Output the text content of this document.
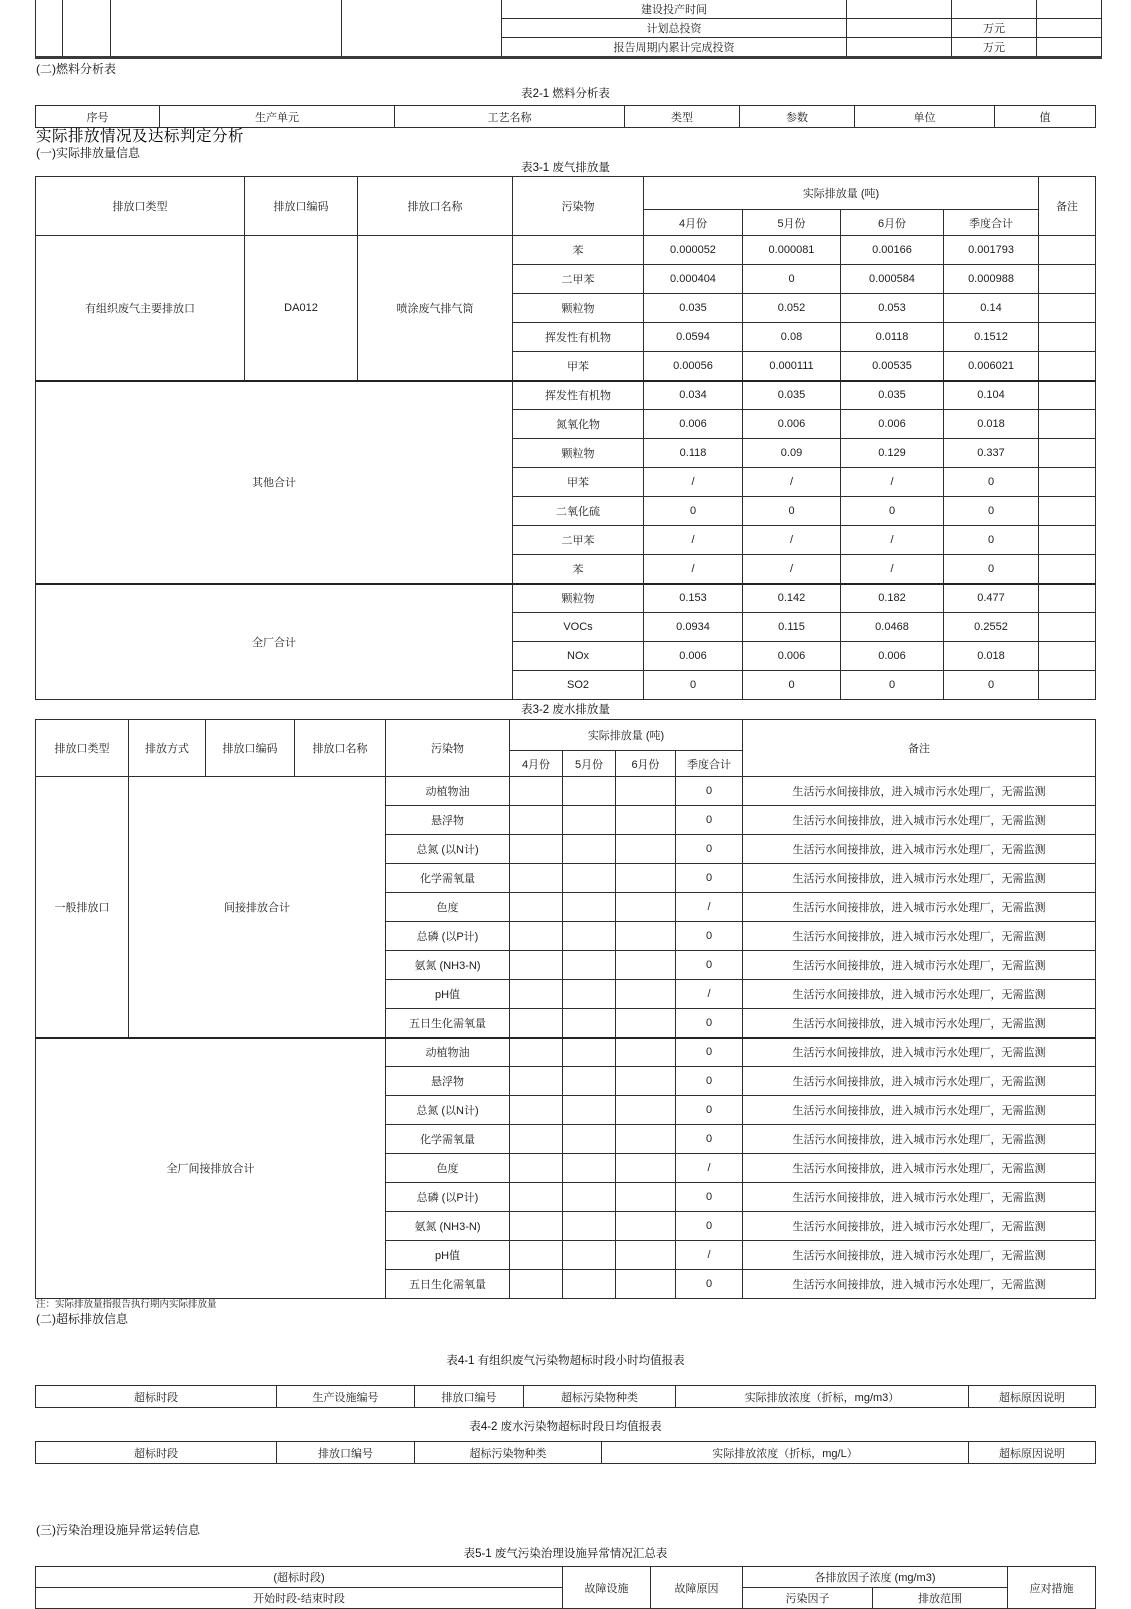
				建设投产时间			
				计划总投资		万元	
				报告周期内累计完成投资		万元	
(二)燃料分析表
表2-1 燃料分析表
序号	生产单元	工艺名称	类型	参数	单位	值
实际排放情况及达标判定分析
(一)实际排放量信息
表3-1 废气排放量
排放口类型	排放口编码	排放口名称	污染物	实际排放量 (吨)				备注
				4月份	5月份	6月份	季度合计	
有组织废气主要排放口	DA012	喷涂废气排气筒	苯	0.000052	0.000081	0.00166	0.001793	
			二甲苯	0.000404	0	0.000584	0.000988	
			颗粒物	0.035	0.052	0.053	0.14	
			挥发性有机物	0.0594	0.08	0.0118	0.1512	
			甲苯	0.00056	0.000111	0.00535	0.006021	
其他合计			挥发性有机物	0.034	0.035	0.035	0.104	
			氮氧化物	0.006	0.006	0.006	0.018	
			颗粒物	0.118	0.09	0.129	0.337	
			甲苯	/	/	/	0	
			二氧化硫	0	0	0	0	
			二甲苯	/	/	/	0	
			苯	/	/	/	0	
全厂合计			颗粒物	0.153	0.142	0.182	0.477	
			VOCs	0.0934	0.115	0.0468	0.2552	
			NOx	0.006	0.006	0.006	0.018	
			SO2	0	0	0	0	
表3-2 废水排放量
排放口类型	排放方式	排放口编码	排放口名称	污染物	实际排放量 (吨)				备注
					4月份	5月份	6月份	季度合计	
一般排放口	间接排放合计			动植物油				0	生活污水间接排放，进入城市污水处理厂，无需监测
				悬浮物				0	生活污水间接排放，进入城市污水处理厂，无需监测
				总氮 (以N计)				0	生活污水间接排放，进入城市污水处理厂，无需监测
				化学需氧量				0	生活污水间接排放，进入城市污水处理厂，无需监测
				色度				/	生活污水间接排放，进入城市污水处理厂，无需监测
				总磷 (以P计)				0	生活污水间接排放，进入城市污水处理厂，无需监测
				氨氮 (NH3-N)				0	生活污水间接排放，进入城市污水处理厂，无需监测
				pH值				/	生活污水间接排放，进入城市污水处理厂，无需监测
				五日生化需氧量				0	生活污水间接排放，进入城市污水处理厂，无需监测
全厂间接排放合计				动植物油				0	生活污水间接排放，进入城市污水处理厂，无需监测
				悬浮物				0	生活污水间接排放，进入城市污水处理厂，无需监测
				总氮 (以N计)				0	生活污水间接排放，进入城市污水处理厂，无需监测
				化学需氧量				0	生活污水间接排放，进入城市污水处理厂，无需监测
				色度				/	生活污水间接排放，进入城市污水处理厂，无需监测
				总磷 (以P计)				0	生活污水间接排放，进入城市污水处理厂，无需监测
				氨氮 (NH3-N)				0	生活污水间接排放，进入城市污水处理厂，无需监测
				pH值				/	生活污水间接排放，进入城市污水处理厂，无需监测
				五日生化需氧量				0	生活污水间接排放，进入城市污水处理厂，无需监测
注：实际排放量指报告执行期内实际排放量
(二)超标排放信息
表4-1 有组织废气污染物超标时段小时均值报表
超标时段	生产设施编号	排放口编号	超标污染物种类	实际排放浓度（折标，mg/m3）	超标原因说明
表4-2 废水污染物超标时段日均值报表
超标时段	排放口编号	超标污染物种类	实际排放浓度（折标，mg/L）	超标原因说明
(三)污染治理设施异常运转信息
表5-1 废气污染治理设施异常情况汇总表
(超标时段)	故障设施	故障原因	各排放因子浓度 (mg/m3)		应对措施
开始时段-结束时段			污染因子	排放范围	
